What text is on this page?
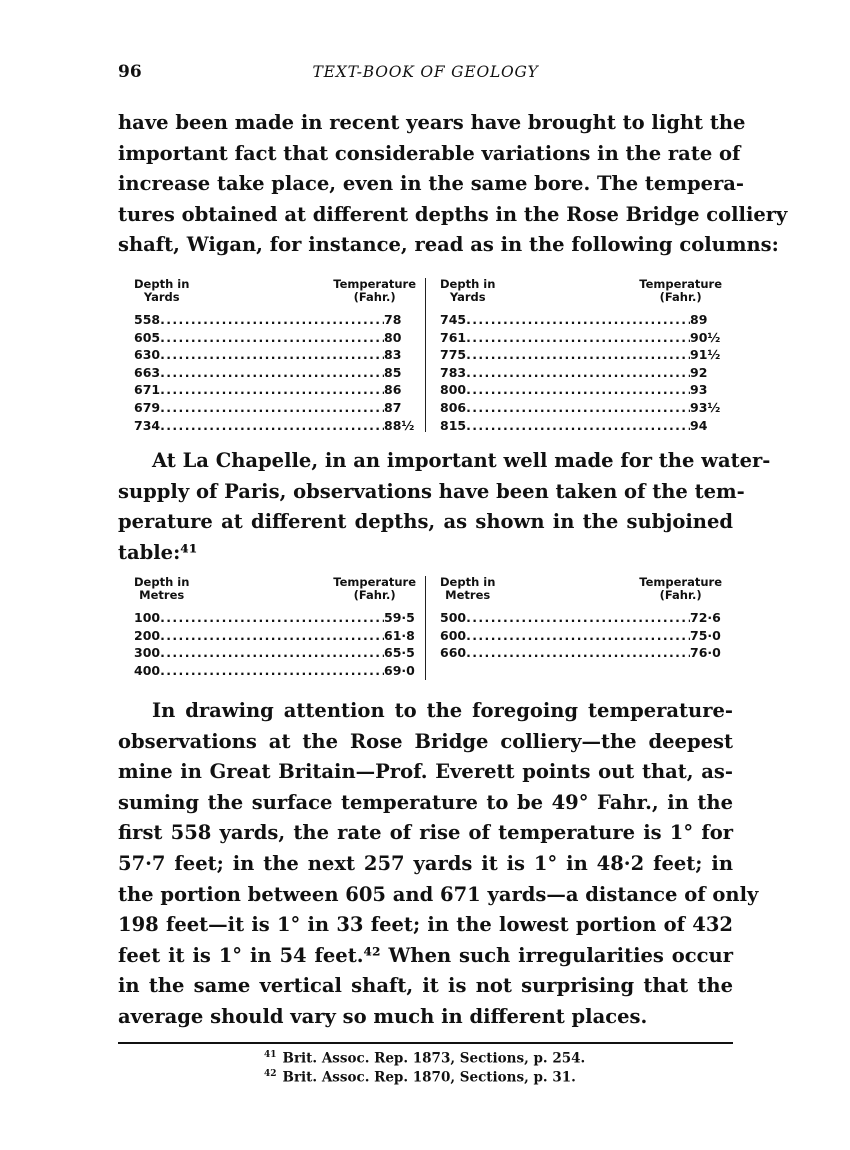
96	TEXT-BOOK OF GEOLOGY

have been made in recent years have brought to light the
important fact that considerable variations in the rate of
increase take place, even in the same bore. The tempera-
tures obtained at different depths in the Rose Bridge colliery
shaft, Wigan, for instance, read as in the following columns:

Depth in
Yards
Temperature
(Fahr.)
558 .....	78
605 .....	80
630 .....	83
663 .....	85
671 .....	86
679 .....	87
734 .....	88½
Depth in
Yards
Temperature
(Fahr.)
745 .....	89
761 .....	90½
775 .....	91½
783 .....	92
800 .....	93
806 .....	93½
815 .....	94

At La Chapelle, in an important well made for the water-
supply of Paris, observations have been taken of the tem-
perature at different depths, as shown in the subjoined
table:⁴¹

Depth in
Metres
Temperature
(Fahr.)
100 .....	59·5
200 .....	61·8
300 .....	65·5
400 .....	69·0
Depth in
Metres
Temperature
(Fahr.)
500 .....	72·6
600 .....	75·0
660 .....	76·0

In drawing attention to the foregoing temperature-
observations at the Rose Bridge colliery—the deepest
mine in Great Britain—Prof. Everett points out that, as-
suming the surface temperature to be 49° Fahr., in the
first 558 yards, the rate of rise of temperature is 1° for
57·7 feet; in the next 257 yards it is 1° in 48·2 feet; in
the portion between 605 and 671 yards—a distance of only
198 feet—it is 1° in 33 feet; in the lowest portion of 432
feet it is 1° in 54 feet.⁴² When such irregularities occur
in the same vertical shaft, it is not surprising that the
average should vary so much in different places.

$^{41}$ Brit. Assoc. Rep. 1873, Sections, p. 254.
$^{42}$ Brit. Assoc. Rep. 1870, Sections, p. 31.
